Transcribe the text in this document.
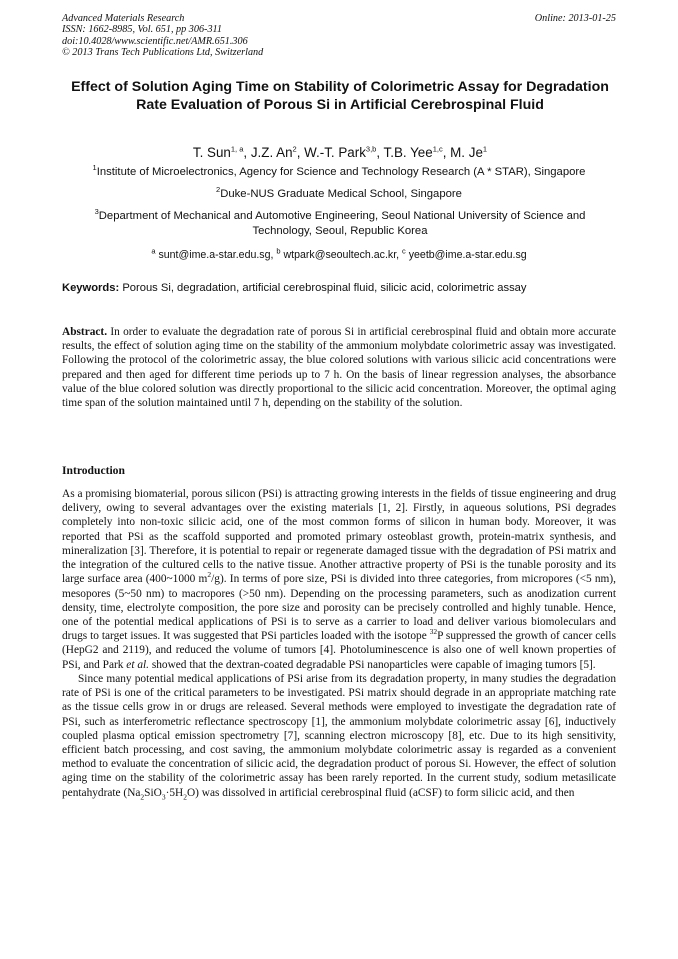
Advanced Materials Research
ISSN: 1662-8985, Vol. 651, pp 306-311
doi:10.4028/www.scientific.net/AMR.651.306
© 2013 Trans Tech Publications Ltd, Switzerland
Online: 2013-01-25
Effect of Solution Aging Time on Stability of Colorimetric Assay for Degradation Rate Evaluation of Porous Si in Artificial Cerebrospinal Fluid
T. Sun$^{1, a}$, J.Z. An$^2$, W.-T. Park$^{3,b}$, T.B. Yee$^{1,c}$, M. Je$^1$
$^1$Institute of Microelectronics, Agency for Science and Technology Research (A * STAR), Singapore
$^2$Duke-NUS Graduate Medical School, Singapore
$^3$Department of Mechanical and Automotive Engineering, Seoul National University of Science and Technology, Seoul, Republic Korea
$^a$ sunt@ime.a-star.edu.sg, $^b$ wtpark@seoultech.ac.kr, $^c$ yeetb@ime.a-star.edu.sg
Keywords: Porous Si, degradation, artificial cerebrospinal fluid, silicic acid, colorimetric assay
Abstract. In order to evaluate the degradation rate of porous Si in artificial cerebrospinal fluid and obtain more accurate results, the effect of solution aging time on the stability of the ammonium molybdate colorimetric assay was investigated. Following the protocol of the colorimetric assay, the blue colored solutions with various silicic acid concentrations were prepared and then aged for different time periods up to 7 h. On the basis of linear regression analyses, the absorbance value of the blue colored solution was directly proportional to the silicic acid concentration. Moreover, the optimal aging time span of the solution maintained until 7 h, depending on the stability of the solution.
Introduction
As a promising biomaterial, porous silicon (PSi) is attracting growing interests in the fields of tissue engineering and drug delivery, owing to several advantages over the existing materials [1, 2]. Firstly, in aqueous solutions, PSi degrades completely into non-toxic silicic acid, one of the most common forms of silicon in human body. Moreover, it was reported that PSi as the scaffold supported and promoted primary osteoblast growth, protein-matrix synthesis, and mineralization [3]. Therefore, it is potential to repair or regenerate damaged tissue with the degradation of PSi matrix and the integration of the cultured cells to the native tissue. Another attractive property of PSi is the tunable porosity and its large surface area (400~1000 $m^2/g$). In terms of pore size, PSi is divided into three categories, from micropores (<5 nm), mesopores (5~50 nm) to macropores (>50 nm). Depending on the processing parameters, such as anodization current density, time, electrolyte composition, the pore size and porosity can be precisely controlled and highly tunable. Hence, one of the potential medical applications of PSi is to serve as a carrier to load and deliver various biomoleculars and drugs to target issues. It was suggested that PSi particles loaded with the isotope $^{32}$P suppressed the growth of cancer cells (HepG2 and 2119), and reduced the volume of tumors [4]. Photoluminescence is also one of well known properties of PSi, and Park et al. showed that the dextran-coated degradable PSi nanoparticles were capable of imaging tumors [5].
Since many potential medical applications of PSi arise from its degradation property, in many studies the degradation rate of PSi is one of the critical parameters to be investigated. PSi matrix should degrade in an appropriate matching rate as the tissue cells grow in or drugs are released. Several methods were employed to investigate the degradation rate of PSi, such as interferometric reflectance spectroscopy [1], the ammonium molybdate colorimetric assay [6], inductively coupled plasma optical emission spectrometry [7], scanning electron microscopy [8], etc. Due to its high sensitivity, efficient batch processing, and cost saving, the ammonium molybdate colorimetric assay is regarded as a convenient method to evaluate the concentration of silicic acid, the degradation product of porous Si. However, the effect of solution aging time on the stability of the colorimetric assay has been rarely reported. In the current study, sodium metasilicate pentahydrate $(Na_2SiO_3\cdot 5H_2O)$ was dissolved in artificial cerebrospinal fluid (aCSF) to form silicic acid, and then
